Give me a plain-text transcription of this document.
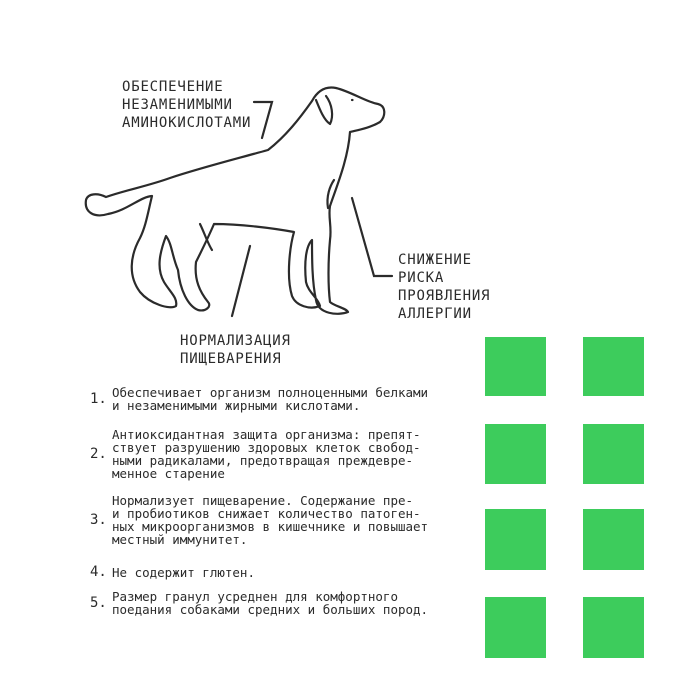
ОБЕСПЕЧЕНИЕ
НЕЗАМЕНИМЫМИ
АМИНОКИСЛОТАМИ

СНИЖЕНИЕ
РИСКА
ПРОЯВЛЕНИЯ
АЛЛЕРГИИ

НОРМАЛИЗАЦИЯ
ПИЩЕВАРЕНИЯ

1. Обеспечивает организм полноценными белками
и незаменимыми жирными кислотами.

2.

Антиоксидантная защита организма: препят-
ствует разрушению здоровых клеток свобод-
ными радикалами, предотвращая преждевре-
менное старение

3.

Нормализует пищеварение. Содержание пре-
и пробиотиков снижает количество патоген-
ных микроорганизмов в кишечнике и повышает
местный иммунитет.

4. Не содержит глютен.

5. Размер гранул усреднен для комфортного
поедания собаками средних и больших пород.
